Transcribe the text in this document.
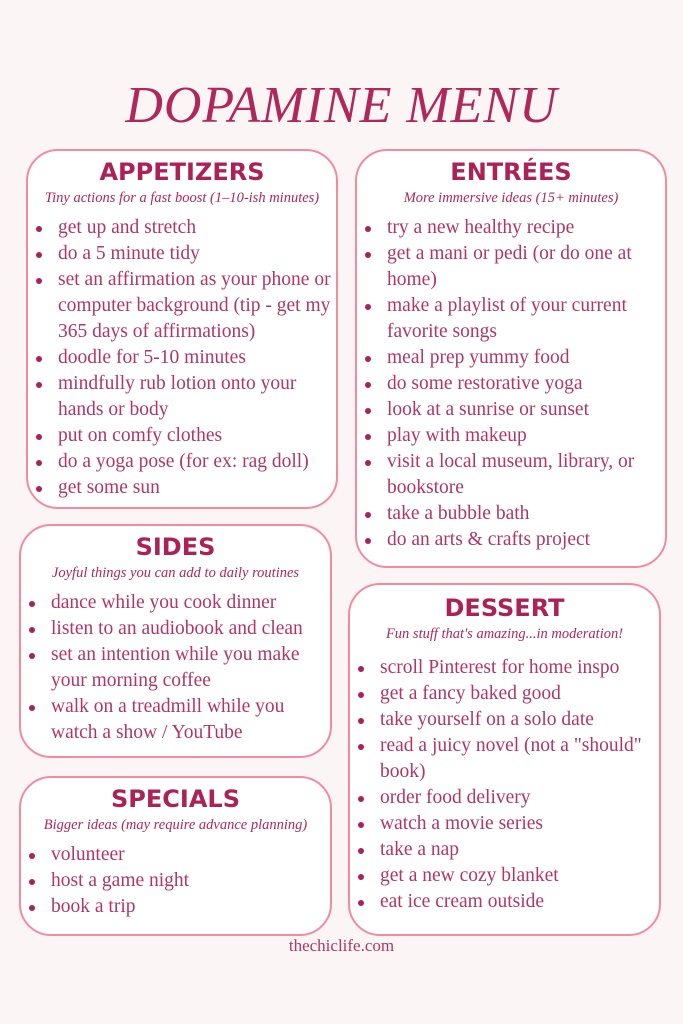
DOPAMINE MENU
APPETIZERS
Tiny actions for a fast boost (1–10-ish minutes)
get up and stretch
do a 5 minute tidy
set an affirmation as your phone or computer background (tip - get my 365 days of affirmations)
doodle for 5-10 minutes
mindfully rub lotion onto your hands or body
put on comfy clothes
do a yoga pose (for ex: rag doll)
get some sun
ENTRÉES
More immersive ideas (15+ minutes)
try a new healthy recipe
get a mani or pedi (or do one at home)
make a playlist of your current favorite songs
meal prep yummy food
do some restorative yoga
look at a sunrise or sunset
play with makeup
visit a local museum, library, or bookstore
take a bubble bath
do an arts & crafts project
SIDES
Joyful things you can add to daily routines
dance while you cook dinner
listen to an audiobook and clean
set an intention while you make your morning coffee
walk on a treadmill while you watch a show / YouTube
SPECIALS
Bigger ideas (may require advance planning)
volunteer
host a game night
book a trip
DESSERT
Fun stuff that's amazing...in moderation!
scroll Pinterest for home inspo
get a fancy baked good
take yourself on a solo date
read a juicy novel (not a "should" book)
order food delivery
watch a movie series
take a nap
get a new cozy blanket
eat ice cream outside
thechiclife.com
